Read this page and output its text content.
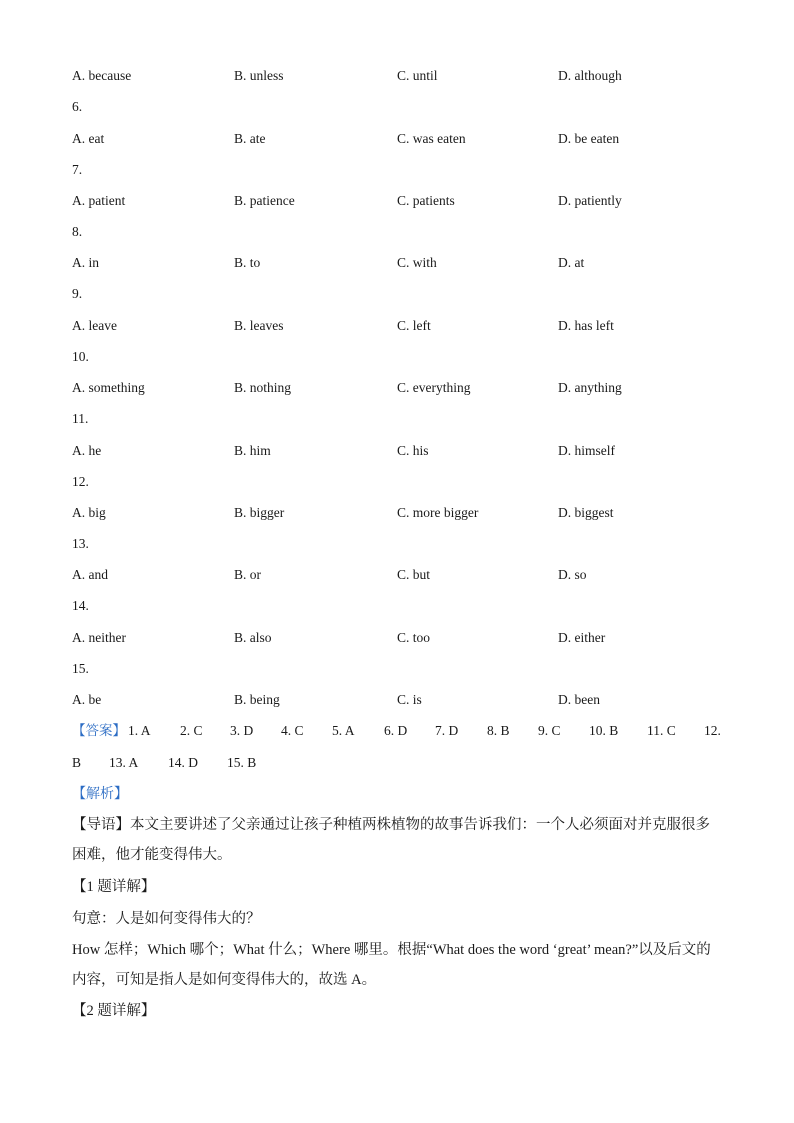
A. because	B. unless	C. until	D. although
6.
A. eat	B. ate	C. was eaten	D. be eaten
7.
A. patient	B. patience	C. patients	D. patiently
8.
A. in	B. to	C. with	D. at
9.
A. leave	B. leaves	C. left	D. has left
10.
A. something	B. nothing	C. everything	D. anything
11.
A. he	B. him	C. his	D. himself
12.
A. big	B. bigger	C. more bigger	D. biggest
13.
A. and	B. or	C. but	D. so
14.
A. neither	B. also	C. too	D. either
15.
A. be	B. being	C. is	D. been
【答案】 1. A 2. C 3. D 4. C 5. A 6. D 7. D 8. B 9. C 10. B 11. C 12.
B 13. A 14. D 15. B
【解析】
【导语】本文主要讲述了父亲通过让孩子种植两株植物的故事告诉我们：一个人必须面对并克服很多困难，他才能变得伟大。
【1 题详解】
句意：人是如何变得伟大的？
How 怎样；Which 哪个；What 什么；Where 哪里。根据“What does the word ‘great’ mean?”以及后文的内容，可知是指人是如何变得伟大的，故选 A。
【2 题详解】
